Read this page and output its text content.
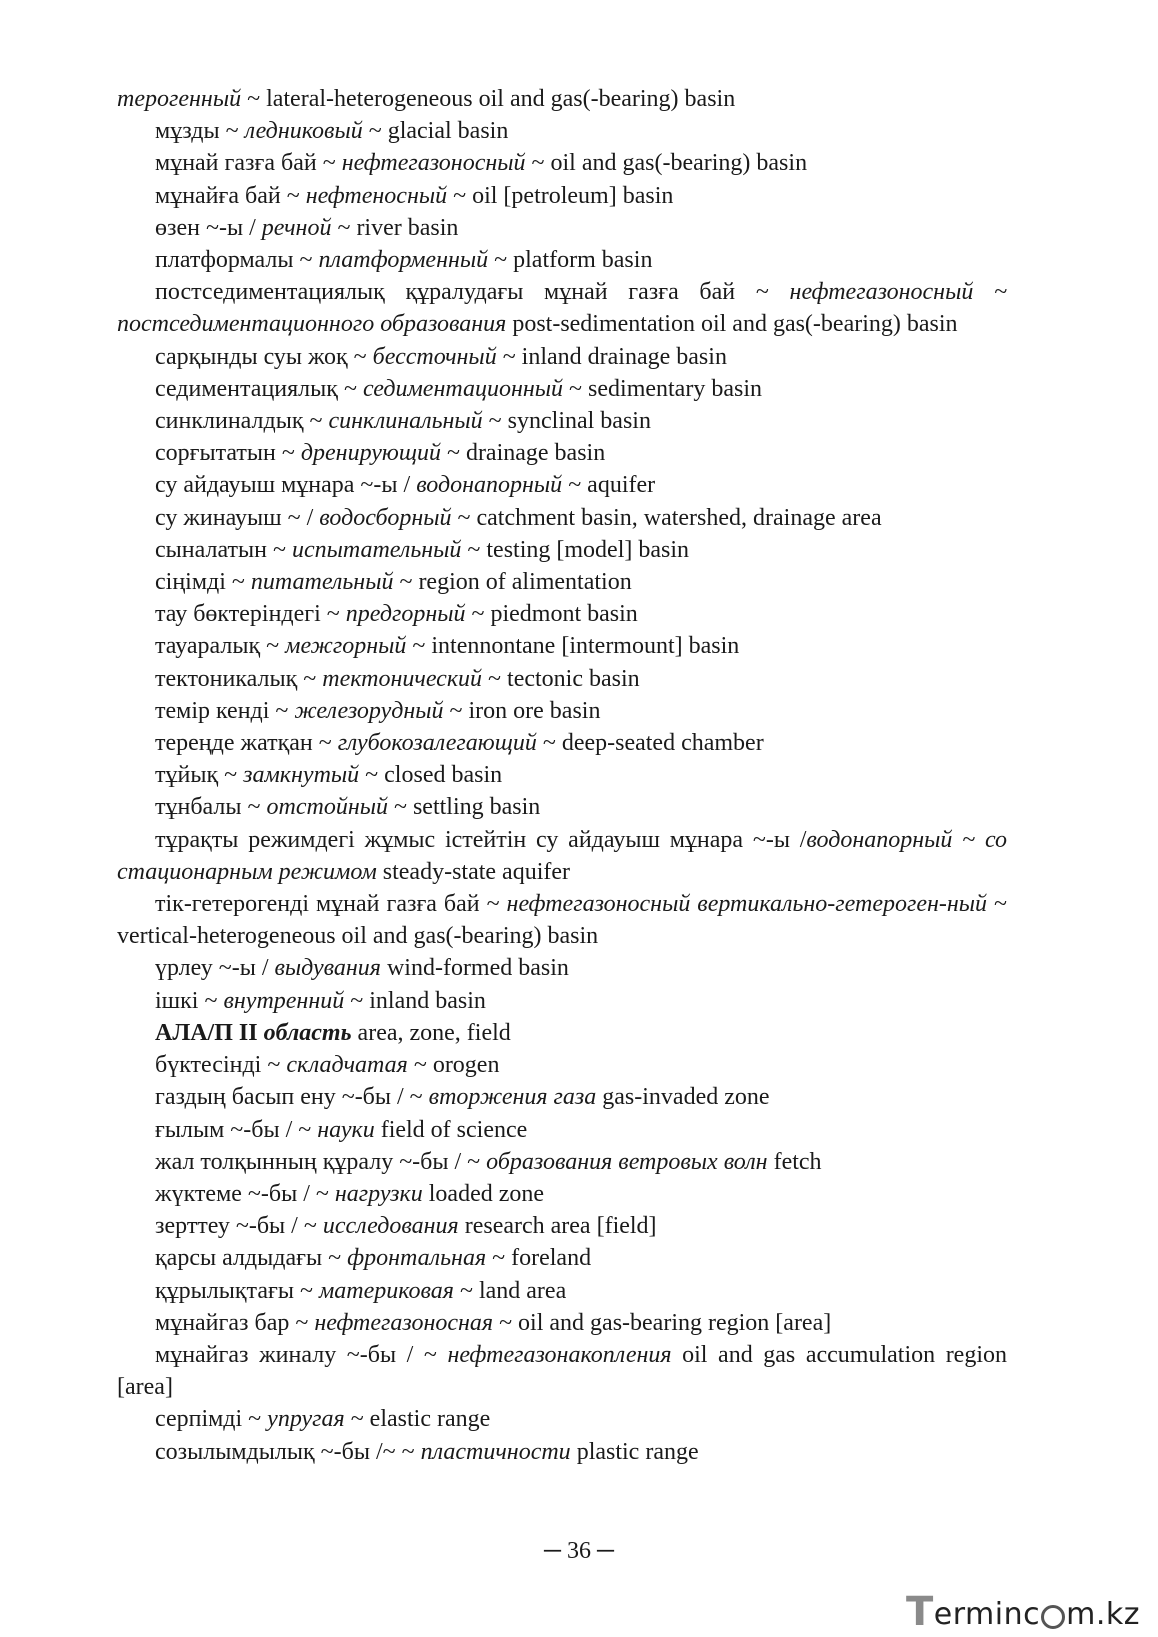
терогенный ~ lateral-heterogeneous oil and gas(-bearing) basin

мұзды ~ ледниковый ~ glacial basin

мұнай газға бай ~ нефтегазоносный ~ oil and gas(-bearing) basin

мұнайға бай ~ нефтеносный ~ oil [petroleum] basin

өзен ~-ы / речной ~ river basin

платформалы ~ платформенный ~ platform basin

постседиментациялық құралудағы мұнай газға бай ~ нефтегазоносный ~ постседиментационного образования post-sedimentation oil and gas(-bearing) basin

сарқынды суы жоқ ~ бессточный ~ inland drainage basin

седиментациялық ~ седиментационный ~ sedimentary basin

синклиналдық ~ синклинальный ~ synclinal basin

сорғытатын ~ дренирующий ~ drainage basin

су айдауыш мұнара ~-ы / водонапорный ~ aquifer

су жинауыш ~ / водосборный ~ catchment basin, watershed, drainage area

сыналатын ~ испытательный ~ testing [model] basin

сіңімді ~ питательный ~ region of alimentation

тау бөктеріндегі ~ предгорный ~ piedmont basin

тауаралық ~ межгорный ~ intennontane [intermount] basin

тектоникалық ~ тектонический ~ tectonic basin

темір кенді ~ железорудный ~ iron ore basin

тереңде жатқан ~ глубокозалегающий ~ deep-seated chamber

тұйық ~ замкнутый ~ closed basin

тұнбалы ~ отстойный ~ settling basin

тұрақты режимдегі жұмыс істейтін су айдауыш мұнара ~-ы /водонапорный ~ со стационарным режимом steady-state aquifer

тік-гетерогенді мұнай газға бай ~ нефтегазоносный вертикально-гетероген-ный ~ vertical-heterogeneous oil and gas(-bearing) basin

үрлеу ~-ы / выдувания wind-formed basin

ішкі ~ внутренний ~ inland basin

АЛА/П II область area, zone, field

бүктесінді ~ складчатая ~ orogen

газдың басып ену ~-бы / ~ вторжения газа gas-invaded zone

ғылым ~-бы / ~ науки field of science

жал толқынның құралу ~-бы / ~ образования ветровых волн fetch

жүктеме ~-бы / ~ нагрузки loaded zone

зерттеу ~-бы / ~ исследования research area [field]

қарсы алдыдағы ~ фронтальная ~ foreland

құрылықтағы ~ материковая ~ land area

мұнайгаз бар ~ нефтегазоносная ~ oil and gas-bearing region [area]

мұнайгаз жиналу ~-бы / ~ нефтегазонакопления oil and gas accumulation region [area]

серпімді ~ упругая ~ elastic range

созылымдылық ~-бы /~ ~ пластичности plastic range

─ 36 ─
T erminc m.kz
